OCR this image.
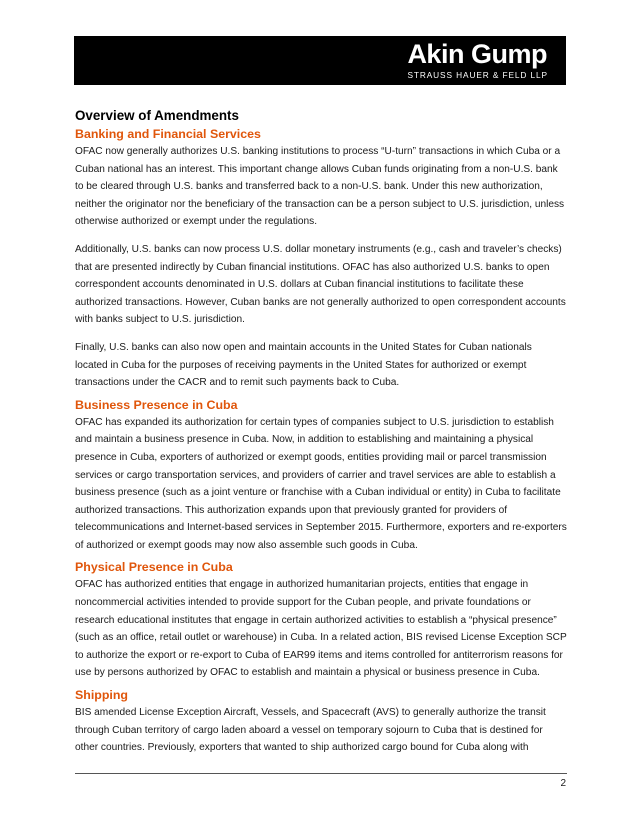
Akin Gump
STRAUSS HAUER & FELD LLP
Overview of Amendments
Banking and Financial Services

OFAC now generally authorizes U.S. banking institutions to process “U-turn” transactions in which Cuba or a Cuban national has an interest. This important change allows Cuban funds originating from a non-U.S. bank to be cleared through U.S. banks and transferred back to a non-U.S. bank. Under this new authorization, neither the originator nor the beneficiary of the transaction can be a person subject to U.S. jurisdiction, unless otherwise authorized or exempt under the regulations.

Additionally, U.S. banks can now process U.S. dollar monetary instruments (e.g., cash and traveler’s checks) that are presented indirectly by Cuban financial institutions. OFAC has also authorized U.S. banks to open correspondent accounts denominated in U.S. dollars at Cuban financial institutions to facilitate these authorized transactions. However, Cuban banks are not generally authorized to open correspondent accounts with banks subject to U.S. jurisdiction.

Finally, U.S. banks can also now open and maintain accounts in the United States for Cuban nationals located in Cuba for the purposes of receiving payments in the United States for authorized or exempt transactions under the CACR and to remit such payments back to Cuba.

Business Presence in Cuba

OFAC has expanded its authorization for certain types of companies subject to U.S. jurisdiction to establish and maintain a business presence in Cuba. Now, in addition to establishing and maintaining a physical presence in Cuba, exporters of authorized or exempt goods, entities providing mail or parcel transmission services or cargo transportation services, and providers of carrier and travel services are able to establish a business presence (such as a joint venture or franchise with a Cuban individual or entity) in Cuba to facilitate authorized transactions. This authorization expands upon that previously granted for providers of telecommunications and Internet-based services in September 2015. Furthermore, exporters and re-exporters of authorized or exempt goods may now also assemble such goods in Cuba.

Physical Presence in Cuba

OFAC has authorized entities that engage in authorized humanitarian projects, entities that engage in noncommercial activities intended to provide support for the Cuban people, and private foundations or research educational institutes that engage in certain authorized activities to establish a “physical presence” (such as an office, retail outlet or warehouse) in Cuba. In a related action, BIS revised License Exception SCP to authorize the export or re-export to Cuba of EAR99 items and items controlled for antiterrorism reasons for use by persons authorized by OFAC to establish and maintain a physical or business presence in Cuba.

Shipping

BIS amended License Exception Aircraft, Vessels, and Spacecraft (AVS) to generally authorize the transit through Cuban territory of cargo laden aboard a vessel on temporary sojourn to Cuba that is destined for other countries. Previously, exporters that wanted to ship authorized cargo bound for Cuba along with

2
